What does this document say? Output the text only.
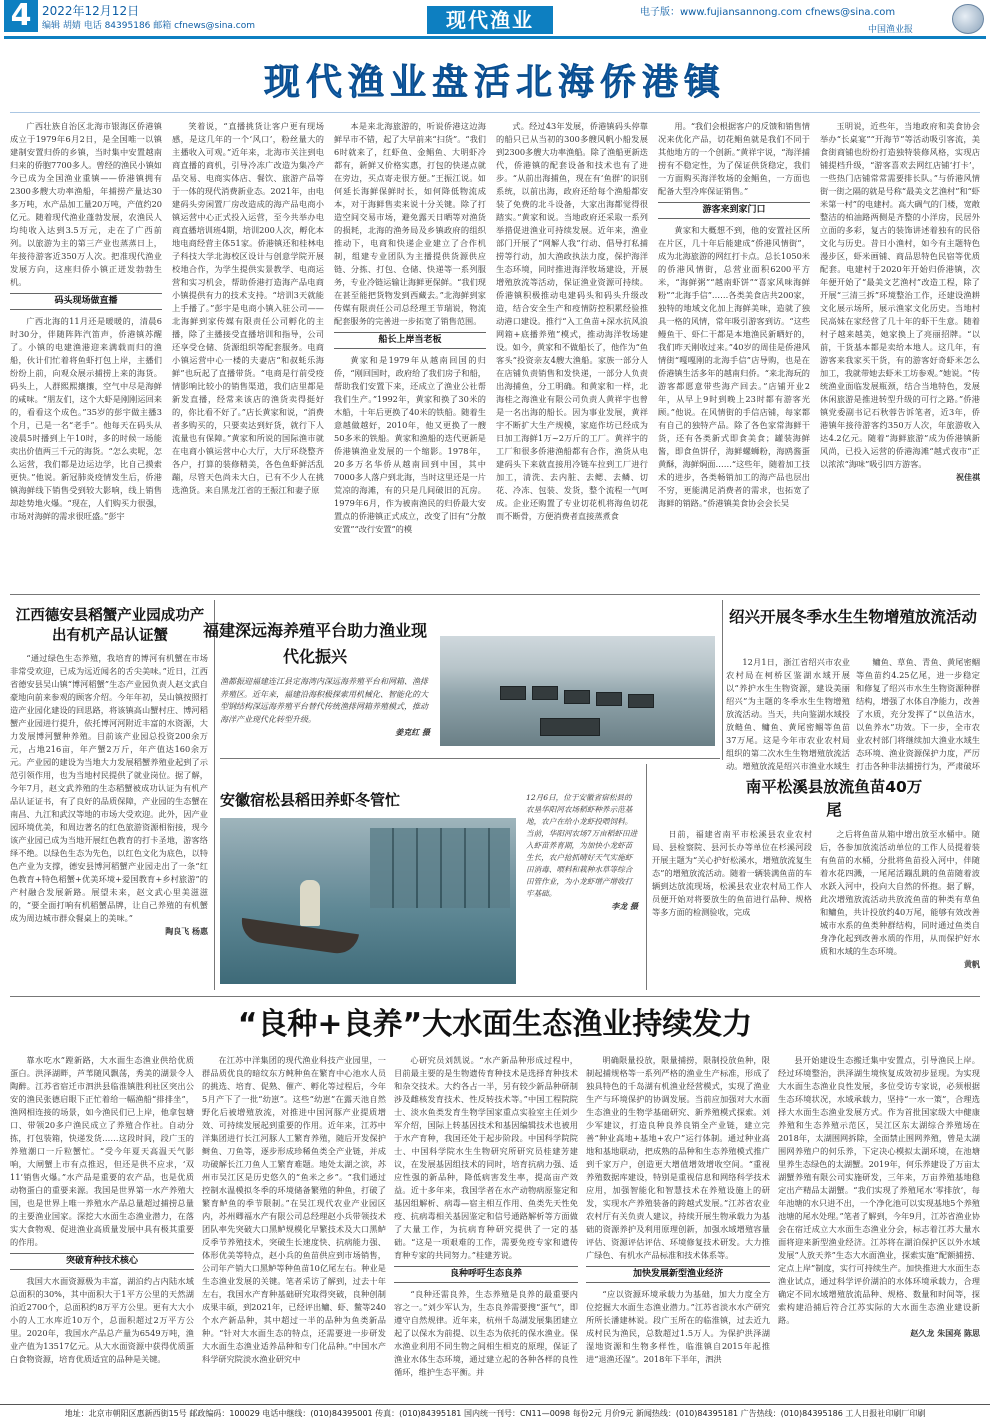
4 2022年12月12日
编辑 胡婧 电话 84395186 邮箱 cfnews@sina.com	现代渔业	电子版：www.fujiansannong.com cfnews@sina.com
中国渔业报
现代渔业盘活北海侨港镇

广西壮族自治区北海市银海区侨港镇成立于1979年6月2日，是全国唯一以镇建制安置归侨的乡镇，当时集中安置越南归来的侨胞7700多人。曾经的渔民小镇如今已成为全国渔业重镇——侨港镇拥有2300多艘大功率渔船，年捕捞产量达30多万吨，水产品加工量20万吨，产值约20亿元。随着现代渔业蓬勃发展，农渔民人均纯收入达到3.5万元，走在了广西前列。以旅游为主的第三产业也蒸蒸日上，年接待游客近350万人次。把准现代渔业发展方向，这座归侨小镇正迸发勃勃生机。

码头现场做直播

广西北海的11月还是暖暖的，清晨6时30分，伴随阵阵汽笛声，侨港镇苏醒了。小镇的电建渔港迎来满载而归的渔船，伙计们忙着将鱼虾打包上岸，主播们纷纷上前，向观众展示捕捞上来的海货。码头上，人群熙熙攘攘，空气中尽是海鲜的咸味。“朋友们，这个大虾是刚刚运回来的，看看这个成色。”35岁的彭宇做主播3个月，已是一名“老手”。他每天在码头从凌晨5时播到上午10时，多的时候一场能卖出价值两三千元的海货。“怎么卖呢，怎么运营，我们都是边运边学，比自己摸索更快。”他说。新冠肺炎疫情发生后，侨港镇海鲜线下销售受到较大影响，线上销售却趁势地火爆。“现在，人们购买力很强，市场对海鲜的需求很旺盛。”彭宇

笑着说，“直播挑货让客户更有现场感，是这几年的一个‘风口’，粉丝量大的主播收入可观。”近年来，北海市关注到电商直播的商机，引导冷冻广改造为集冷产品交易、电商实体店、餐饮、旅游产品等于一体的现代消费新业态。2021年，由电建码头旁闲置厂房改造成的海产品电商小镇运营中心正式投入运营，至今共举办电商直播培训班4期，培训200人次，孵化本地电商经营主体51家。侨港镇还和桂林电子科技大学北海校区设计与创意学院开展校地合作，为学生提供实景教学、电商运营和实习机会，帮助侨港打造海产品电商小镇提供有力的技术支持。“培训3天就能上手播了。”彭宇是电商小镇入驻公司——北海鲜到家传媒有限责任公司孵化的主播，除了主播接受直播培训和指导，公司还享受仓储、货源组织等配套服务。电商小镇运营中心一楼的夫妻店“和叔蚝乐海鲜”也玩起了直播带货。“电商是行前受疫情影响比较小的销售渠道，我们店里都是新发直播，经常来该店的渔货卖得挺好的，你比看不好了。”店长黄家和说，“消费者多购买的，只要卖达到好货，就行下人流量也有保障。”黄家和所说的国际渔市就在电商小镇运营中心大厅，大厅环绕整齐各户，打算的装修精美，各色鱼虾鲜活乱蹦，尽管天色尚未大白，已有不少人在挑选渔货。来自黑龙江省的王振江和妻子原

本是来北海旅游的，听说侨港这边海鲜早市不错，起了大早前来“扫货”。“我们6时就来了，红虾鱼、金鲳鱼、大明虾冷都有，新鲜又价格实惠，打包的快递点就在旁边，买点寄走很方便。”王振江说。如何延长海鲜保鲜时长，如何降低物流成本，对于海鲜售卖来说十分关键。除了打造空间交易市场，避免露天日晒等对渔货的损耗，北海的渔务局及乡镇政府的组织推动下，电商和快递企业建立了合作机制，组建专业团队为主播提供货源供应链、分拣、打包、仓储、快递等一系列服务，专业冷链运输让海鲜更保鲜。“我们现在甚至能把货物发到西藏去。”北海鲜到家传媒有限责任公司总经理王节瑞说，物流配套服务的完善进一步拓宽了销售范围。

船长上岸当老板

黄家和是1979年从越南回国的归侨，“刚回国时，政府给了我们房子和船，帮助我们安置下来，还成立了渔业公社帮我们生产。”1992年，黄家和换了30米的木船，十年后更换了40米的铁船。随着生意越做越好，2010年，他又更换了一艘50多米的铁船。黄家和渔船的迭代更新是侨港镇渔业发展的一个缩影。1978年，20多万名华侨从越南回到中国，其中7000多人落户到北海，当时这里还是一片荒凉的海滩，有的只是几间破旧的瓦房。1979年6月，作为被南渔民的归侨最大安置点的侨港镇正式成立，改变了旧有“分散安置”“改行安置”的模

式。经过43年发展，侨港镇码头停靠的船只已从当初的300多艘风帆小船发展到2300多艘大功率渔船。除了渔船更新迭代，侨港镇的配套设备和技术也有了进步。“从前出海捕鱼，现在有‘鱼群’的识别系统，以前出海，政府还给每个渔船都安装了免费的北斗设备，大家出海都觉得很踏实。”黄家和说。当地政府还采取一系列举措促进渔业可持续发展。近年来，渔业部门开展了“网解人我”行动、倡导打私捕捞等行动，加大渔政执法力度，保护海洋生态环境，同时推进海洋牧场建设，开展增殖放流等活动，保证渔业资源可持续。侨港镇积极推动电建码头和码头升级改造，结合安全生产和疫情防控积累经验推动港口建设。推行“入工鱼苗+深水抗风浪网箱+底播养殖”模式，推动海洋牧场建设。如今，黄家和不做船长了，他作为“鱼客头”投资亲友4艘大渔船。家族一部分人在店铺负责销售和发快递，一部分人负责出海捕鱼，分工明确。和黄家和一样，北海桂之海渔业有限公司负责人黄祥宇也曾是一名出海的船长。因为事业发展，黄祥宇不断扩大生产规模，家庭作坊已经成为日加工海鲜1万~2万斤的工厂。黄祥宇的工厂和很多侨港渔船都有合作，渔货从电建码头下来就直接用冷链车拉到工厂进行加工，清洗、去内脏、去鳃、去鳞、切花、冷冻、包装、发货，整个流程一气呵成。企业还购置了专业切花机将海鱼切花而不断骨，方便消费者直接蒸煮食

用。“我们会根据客户的反馈和销售情况来优化产品，切花鲳鱼就是我们不同于其他地方的一个创新。”黄祥宇说，“海洋捕捞有不稳定性，为了保证供货稳定，我们一方面购买海洋牧场的金鲳鱼，一方面也配备大型冷库保证销售。”

游客来到家门口

黄家和大概想不到，他的安置社区所在片区，几十年后能建成“侨港风情街”，成为北海旅游的网红打卡点。总长1050米的侨港风情街，总营业面积6200平方米，“海鲜粥”“越南虾饼”“喜家风味海鲜粉”“北海手信”……各类美食店共200家，独特的地域文化加上海鲜美味，造就了独具一格的风情，常年吸引游客到访。“这些鳗鱼干、虾仁干都是本地渔民新晒好的，我们昨天刚收过来。”40岁的周佳是侨港风情街“嘎嘎刚的北海手信”店导购，也是在侨港镇生活多年的越南归侨。“来北海玩的游客都愿意带些海产回去。”店铺开业2年，从早上9时到晚上23时都有游客光顾。”他说。在风情街的手信店铺，每家都有自己的独特产品。除了各色家常海鲜干货，还有各类新式即食美食；罐装海鲜酱，即食鱼饼仔，海鲜螺蛳粉，海鸥酱蛋黄酥，海鲜焖面……“这些年，随着加工技术的进步，各类畅销加工的海产品也层出不穷，更能满足消费者的需求，也拓宽了海鲜的销路。”侨港镇美食协会会长吴

玉明说，近些年，当地政府和美食协会举办“长桌宴”“开海节”等活动吸引客流，美食街商铺也纷纷打造独特装修风格，实现店铺提档升级，“游客喜欢去网红店铺‘打卡’，一些热门店铺常常需要排长队。”与侨港风情街一街之隔的就是号称“最美文艺渔村”和“虾米第一村”的电建村。高大碉气的门楼，宽敞整洁的柏油路两侧是齐整的小洋房，民居外立面的多彩，复古的装饰讲述着独有的民俗文化与历史。昔日小渔村，如今有主题特色漫步区，虾米画铺、商品思特色民宿等优质配套。电建村于2020年开始归侨港镇，次年便开始了“最美文艺渔村”改造工程，除了开展“三清三拆”环境整治工作，还建设渔耕文化展示场所，展示渔家文化历史。当地村民高妹在家经营了几十年的虾干生意。随着村子越来越美，她家换上了亮丽招牌。“以前，干货基本都是卖给本地人。这几年，有游客来我家买干货，有的游客好奇虾米怎么加工，我就带她去虾米工坊参观。”她说。“传统渔业面临发展瓶颈，结合当地特色，发展休闲旅游是推进转型升级的可行之路。”侨港镇党委副书记石秋蓉告诉笔者，近3年，侨港镇年接待游客约350万人次，年旅游收入达4.2亿元。随着“海鲜旅游”成为侨港镇新风尚，已投入运营的侨港海滩“越式夜市”正以浓浓“海味”吸引四方游客。

祝佳祺
江西德安县稻蟹产业园成功产出有机产品认证蟹

“通过绿色生态养殖，我培育的博河有机蟹在市场非常受欢迎，已成为远近闻名的舌尖美味。”近日，江西省德安县吴山镇“博河稻蟹”生态产业园负责人赵文武自豪地向前来参观的顾客介绍。今年年初，吴山镇按照打造产业园化建设的回思路，将该镇高山蟹村庄、博河稻蟹产业园进行提升，依托博河河附近丰富的水资源，大力发展博河蟹种养殖。目前该产业园总投资200余万元，占地216亩，年产蟹2万斤，年产值达160余万元。产业园的建设为当地大力发展稻蟹养殖业起到了示范引领作用，也为当地村民提供了就业岗位。据了解，今年7月，赵文武养殖的生态稻蟹被成功认证为有机产品认证证书，有了良好的品质保障，产业园的生态蟹在南昌、九江和武汉等地的市场大受欢迎。此外，因产业园环境优美，和周边著名的红色旅游资源相衔接，现今该产业园已成为当地开展红色教育的打卡圣地，游客络绎不绝。以绿色生态为先色，以红色文化为底色，以特色产业为支撑，德安县博河稻蟹产业园走出了一条“红色教育+特色稻蟹+优美环境+爱国教育+乡村旅游”的产村融合发展新路。展望未来，赵文武心里美滋滋的，“要全面打响有机稻蟹品牌，让自己养殖的有机蟹成为周边城市群众餐桌上的美味。”

陶良飞 杨惠
福建深远海养殖平台助力渔业现代化振兴
渔都振迎福建连江县定海湾内深远海养殖平台和网箱、渔排养殖区。近年来，福建沿海积极探索用机械化、智能化的大型钢结构深远海养殖平台替代传统渔排网箱养殖模式，推动海洋产业现代化转型升级。
姜克红 摄
安徽宿松县稻田养虾冬管忙	12月6日，位于安徽省宿松县的农垦华阳河农场稻虾种养示范基地，农户在给小龙虾投喂饲料。当前，华阳河农场7万亩稻虾田进入虾苗养育期，为加快小龙虾苗生长，农户抢抓晴好天气实施虾田消毒、喂料和栽种水草等综合田管作业，为小龙虾增产增收打牢基础。
李龙 摄
绍兴开展冬季水生生物增殖放流活动

12月1日，浙江省绍兴市农业农村局在柯桥区鉴湖水域开展以“养护水生生物资源，建设美丽绍兴”为主题的冬季水生生物增殖放流活动。当天，共向鉴湖水域投放鲢鱼、鳙鱼、黄尾密鲴等鱼苗37万尾。这是今年市农业农村局组织的第二次水生生物增殖放流活动。增殖放流是绍兴市渔业水域生

鳙鱼、草鱼、青鱼、黄尾密鲴等鱼苗约4.25亿尾，进一步稳定和修复了绍兴市水生生物资源种群结构，增强了水体自净能力，改善了水质，充分发挥了“以鱼洁水，以鱼养水”功效。下一步，全市农业农村部门将继续加大渔业水域生态环境、渔业资源保护力度，严厉打击各种非法捕捞行为，严肃破坏

南平松溪县放流鱼苗40万尾

日前，福建省南平市松溪县农业农村局、县检察院、县河长办等单位在杉溪河段开展主题为“关心护好松溪水，增殖放流复生态”的增殖放流活动。随着一辆装满鱼苗的车辆到达放流现场，松溪县农业农村局工作人员便开始对将要放生的鱼苗进行品种、规格等多方面的检测验收，完成

之后将鱼苗从箱中增出放至水桶中。随后，各参加放流活动单位的工作人员提着装有鱼苗的水桶，分批将鱼苗投入河中，伴随着水花四溅，一尾尾活蹦乱跳的鱼苗随着波水跃入河中，投向大自然的怀抱。据了解，此次增殖放流活动共放流鱼苗的种类有草鱼和鳙鱼，共计投放约40万尾，能够有效改善城市水系的鱼类种群结构，同时通过鱼类自身净化起到改善水质的作用，从而保护好水质和水域的生态环境。

黄帆
“良种+良养”大水面生态渔业持续发力

靠水吃水”蹚新路，大水面生态渔业供给优质蛋白。洪泽湖畔，芦苇随风飘荡，秀美的湖景令人陶醉。江苏省宿迁市泗洪县临淮镇胜利社区突出公安的渔民张德启眼下正忙着给一幅渔船“排排坐”，渔网相连接的场景，如今渔民们已上岸，他拿包塘口、带领20多户渔民成立了养殖合作社。自动分拣，打包装箱，快递发货……这段时间，段广玉的养殖潮口一斤粒蟹忙。“受今年夏天高温天气影响，大闸蟹上市有点推迟，但还是供不应求，‘双11’销售火爆。”水产品是重要的农产品，也是优质动物蛋白的重要来源。我国是世界第一水产养殖大国，也是世界上唯一养殖水产品总量超过捕捞总量的主要渔业国家。深挖大水面生态渔业潜力，在落实大食物观、促进渔业高质量发展中具有极其重要的作用。

突破育种技术核心

我国大水面资源极为丰富，湖泊约占内陆水域总面积的30%，其中面积大于1平方公里的天然湖泊近2700个，总面积约8万平方公里。更有大大小小的人工水库近10万个，总面积超过2万平方公里。2020年，我国水产品总产量为6549万吨，渔业产值为13517亿元。从大水面资源中获得优质蛋白食物资源，培育优质适宜的品种是关键。

在江苏中洋集团的现代渔业科技产业园里，一群品质优良的暗纹东方鲀种鱼在繁育中心池水人员的挑选、培育、促熟、催产、孵化等过程后，今年5月产下了一批“幼崽”。这些“幼崽”在露天池自然野化后被增殖放流，对推进中国河豚产业提质增效、可持续发展起到重要的作用。近年来，江苏中洋集团进行长江河豚人工繁育养殖，随后开发保护鲥鱼、刀鱼等，逐步形成珍稀鱼类全产业链，并成功破解长江刀鱼人工繁育难题。地处太湖之滨，苏州市吴江区是历史悠久的“鱼米之乡”。“我们通过控制水温模拟冬季的环境储备繁殖的种鱼，打破了繁育鲈鱼的季节限制。”在吴江现代农业产业园区内，苏州卿福水产有限公司总经理赵小兵带领技术团队率先突破大口黑鲈规模化早繁技术及大口黑鲈反季节养殖技术，突破生长速度快、抗病能力强、体形优美等特点，赵小兵的鱼苗供应到市场销售，公司年产销大口黑鲈等种鱼苗10亿尾左右。种业是生态渔业发展的关键。笔者采访了解到，过去十年左右，我国水产育种基础研究取得突破，良种创制成果丰硕，到2021年，已经评出鳙、虾、鳖等240个水产新品种，其中超过一半的品种为鱼类新品种。“针对大水面生态的特点，还需要进一步研发大水面生态渔业适养品种和专门化品种。”中国水产科学研究院淡水渔业研究中

心研究员刘凯说。“水产新品种形成过程中，目前最主要的是生物遗传育种技术是选择育种技术和杂交技术。大约各占一半，另有较少新品种研制涉及雌核发育技术、性反转技术等。”中国工程院院士、淡水鱼类发育生物学国家重点实验室主任刘少军介绍，国际上转基因技术和基因编辑技术也被用于水产育种，我国还处于起步阶段。中国科学院院士、中国科学院水生生物研究所研究员桂建芳建议，在发展基因组技术的同时，培育抗病力强、适应性强的新品种，降低病害发生率，提高亩产效益。近十多年来，我国学者在水产动物病原鉴定和基因组解析、病毒—宿主相互作用、鱼类先天性免疫、抗病毒相关基因鉴定和信号通路解析等方面做了大量工作，为抗病育种研究提供了一定的基础。“这是一项艰难的工作，需要免疫专家和遗传育种专家的共同努力。”桂建芳说。

良种呼吁生态良养

“良种还需良养，生态养殖是良养的最重要内容之一。”刘少军认为，生态良养需要搜“蛋气”，即遵守自然规律。近年来，杭州千岛湖发展集团建立起了以保水为前提、以生态为依托的保水渔业。保水渔业利用不同生物之间相生相克的原理，保证了渔业水体生态环境，通过建立起的各种各样的良性循环，维护生态平衡。并

明确限量投放，限量捕捞，限制投放鱼种，限制起捕规格等一系列严格的渔业生产标准，形成了独具特色的千岛湖有机渔业经营模式，实现了渔业生产与环境保护的协调发展。当前应加强对大水面生态渔业的生物学基础研究、新养殖模式探索。刘少军建议，打造良种良养良销全产业链，建立完善“种业高地+基地+农户”运行体制。通过种业高地和基地联动，把成熟的品种和生态养殖模式推广到千家万户，创造更大增值增效增收空间。“重视养殖数据库建设，特别是重视信息和网络科学技术应用，加强智能化和智慧技术在养殖设施上的研发，实现水产养殖装备的跨越式发展。”江苏省农业农村厅有关负责人建议，持续开展生物承载力为基础的资源养护及利用原理创新，加强水域增殖容量评估、资源评估评估、环境修复技术研发。大力推广绿色、有机水产品标准和技术体系等。

加快发展新型渔业经济

“应以资源环境承载力为基础，加大力度全方位挖掘大水面生态渔业潜力。”江苏省淡水水产研究所所长潘建林说。段广玉所在的临淮镇，过去近九成村民为渔民，总数超过1.5万人。为保护洪泽湖湿地资源和生物多样性，临淮镇自2015年起推进“退渔还湿”。2018年下半年，泗洪

县开始建设生态搬迁集中安置点，引导渔民上岸。经过环境整治，洪泽湖生境恢复成效初步显现。为实现大水面生态渔业良性发展，多位受访专家说，必须根据生态环境状况，水域承载力，坚持“一水一策”，合理选择大水面生态渔业发展方式。作为首批国家级大中健康养殖和生态养殖示范区，吴江区东太湖综合养殖场在2018年，太湖围网拆除，全面禁止围网养殖，曾是太湖围网养殖户的何乐养，下定决心模拟太湖环境，在池塘里养生态绿色的太湖蟹。2019年，何乐养建设了万亩太湖蟹养殖有限公司实施研发，三年来，万亩养殖基地稳定出产精品太湖蟹。“我们实现了养殖尾水‘零排放’，每年池塘的水只进不出，一个净化池可以实现基地5个养殖池塘的尾水处理。”笔者了解到，今年9月，江苏省渔业协会在宿迁成立大水面生态渔业分会，标志着江苏大量水面将迎来新型渔业经济。江苏将在湖泊保护区以外水域发展“人放天养”生态大水面渔业，探索实施“配额捕捞、定点上岸”制度，实行可持续生产。加快推进大水面生态渔业试点，通过科学评价湖泊的水体环境承载力，合理确定不同水域增殖放流品种、规格、数量和时间等，探索构建沿捕后符合江苏实际的大水面生态渔业建设新路。

赵久龙 朱国亮 陈思
地址：北京市朝阳区惠新西街15号 邮政编码：100029 电话中继线：(010)84395001 传真：(010)84395181 国内统一刊号：CN11—0098 每份2元 月价9元 新闻热线：(010)84395181 广告热线：(010)84395186 工人日报社印刷厂印刷
